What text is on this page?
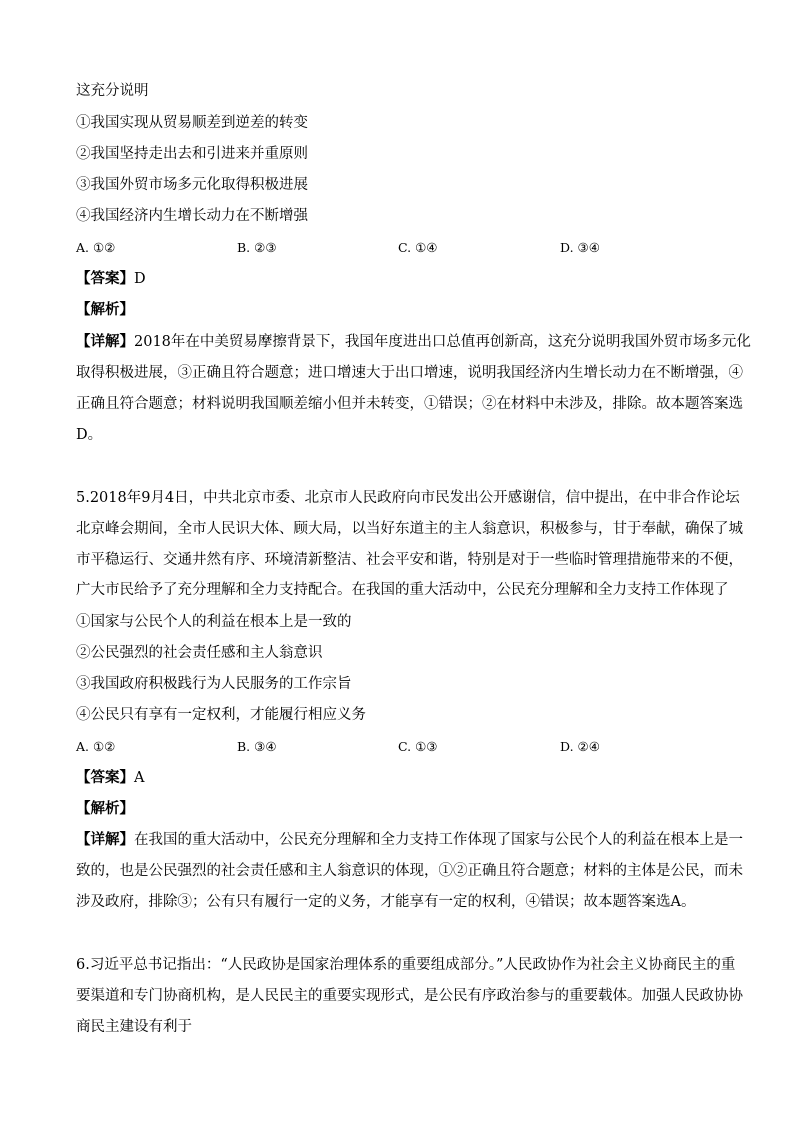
这充分说明
①我国实现从贸易顺差到逆差的转变
②我国坚持走出去和引进来并重原则
③我国外贸市场多元化取得积极进展
④我国经济内生增长动力在不断增强
A. ①②	B. ②③	C. ①④	D. ③④
【答案】D
【解析】
【详解】2018年在中美贸易摩擦背景下，我国年度进出口总值再创新高，这充分说明我国外贸市场多元化
取得积极进展，③正确且符合题意；进口增速大于出口增速，说明我国经济内生增长动力在不断增强，④
正确且符合题意；材料说明我国顺差缩小但并未转变，①错误；②在材料中未涉及，排除。故本题答案选
D。
5.2018年9月4日，中共北京市委、北京市人民政府向市民发出公开感谢信，信中提出，在中非合作论坛
北京峰会期间，全市人民识大体、顾大局，以当好东道主的主人翁意识，积极参与，甘于奉献，确保了城
市平稳运行、交通井然有序、环境清新整洁、社会平安和谐，特别是对于一些临时管理措施带来的不便，
广大市民给予了充分理解和全力支持配合。在我国的重大活动中，公民充分理解和全力支持工作体现了
①国家与公民个人的利益在根本上是一致的
②公民强烈的社会责任感和主人翁意识
③我国政府积极践行为人民服务的工作宗旨
④公民只有享有一定权利，才能履行相应义务
A. ①②	B. ③④	C. ①③	D. ②④
【答案】A
【解析】
【详解】在我国的重大活动中，公民充分理解和全力支持工作体现了国家与公民个人的利益在根本上是一
致的，也是公民强烈的社会责任感和主人翁意识的体现，①②正确且符合题意；材料的主体是公民，而未
涉及政府，排除③；公有只有履行一定的义务，才能享有一定的权利，④错误；故本题答案选A。
6.习近平总书记指出：“人民政协是国家治理体系的重要组成部分。”人民政协作为社会主义协商民主的重
要渠道和专门协商机构，是人民民主的重要实现形式，是公民有序政治参与的重要载体。加强人民政协协
商民主建设有利于
